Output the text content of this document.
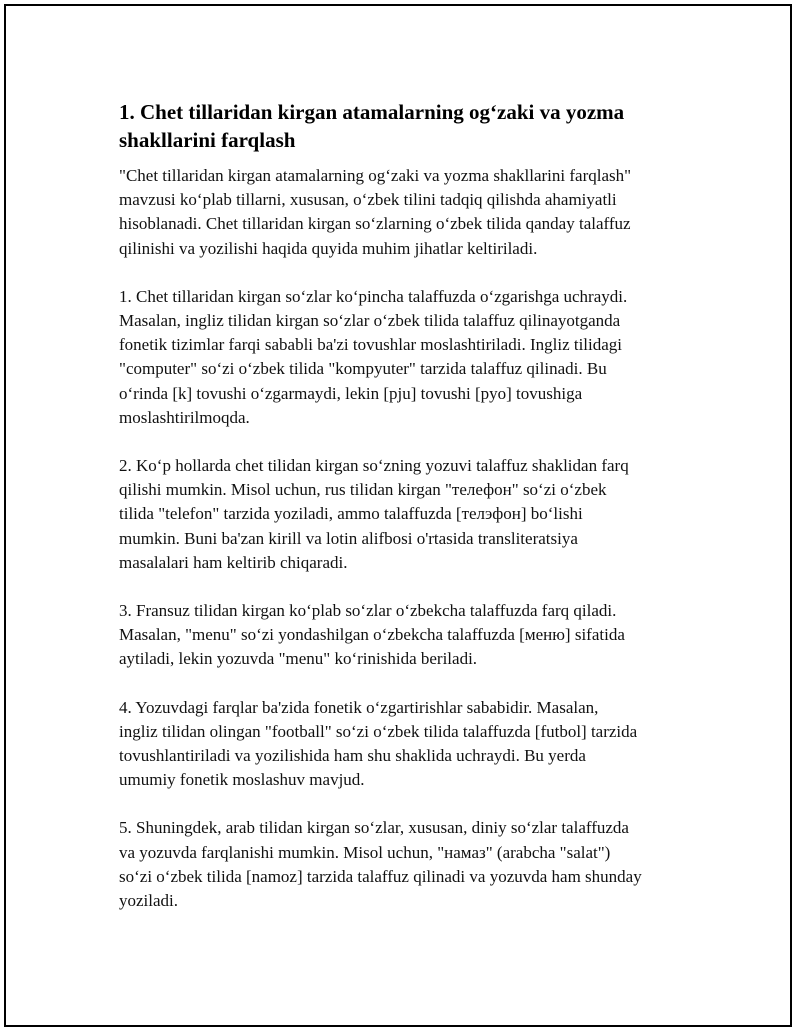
1. Chet tillaridan kirgan atamalarning og‘zaki va yozma
shakllarini farqlash

"Chet tillaridan kirgan atamalarning og‘zaki va yozma shakllarini farqlash"
mavzusi ko‘plab tillarni, xususan, o‘zbek tilini tadqiq qilishda ahamiyatli
hisoblanadi. Chet tillaridan kirgan so‘zlarning o‘zbek tilida qanday talaffuz
qilinishi va yozilishi haqida quyida muhim jihatlar keltiriladi.

1. Chet tillaridan kirgan so‘zlar ko‘pincha talaffuzda o‘zgarishga uchraydi.
Masalan, ingliz tilidan kirgan so‘zlar o‘zbek tilida talaffuz qilinayotganda
fonetik tizimlar farqi sababli ba'zi tovushlar moslashtiriladi. Ingliz tilidagi
"computer" so‘zi o‘zbek tilida "kompyuter" tarzida talaffuz qilinadi. Bu
o‘rinda [k] tovushi o‘zgarmaydi, lekin [pju] tovushi [pyo] tovushiga
moslashtirilmoqda.

2. Ko‘p hollarda chet tilidan kirgan so‘zning yozuvi talaffuz shaklidan farq
qilishi mumkin. Misol uchun, rus tilidan kirgan "телефон" so‘zi o‘zbek
tilida "telefon" tarzida yoziladi, ammo talaffuzda [телэфон] bo‘lishi
mumkin. Buni ba'zan kirill va lotin alifbosi o'rtasida transliteratsiya
masalalari ham keltirib chiqaradi.

3. Fransuz tilidan kirgan ko‘plab so‘zlar o‘zbekcha talaffuzda farq qiladi.
Masalan, "menu" so‘zi yondashilgan o‘zbekcha talaffuzda [меню] sifatida
aytiladi, lekin yozuvda "menu" ko‘rinishida beriladi.

4. Yozuvdagi farqlar ba'zida fonetik o‘zgartirishlar sababidir. Masalan,
ingliz tilidan olingan "football" so‘zi o‘zbek tilida talaffuzda [futbol] tarzida
tovushlantiriladi va yozilishida ham shu shaklida uchraydi. Bu yerda
umumiy fonetik moslashuv mavjud.

5. Shuningdek, arab tilidan kirgan so‘zlar, xususan, diniy so‘zlar talaffuzda
va yozuvda farqlanishi mumkin. Misol uchun, "намаз" (arabcha "salat")
so‘zi o‘zbek tilida [namoz] tarzida talaffuz qilinadi va yozuvda ham shunday
yoziladi.
